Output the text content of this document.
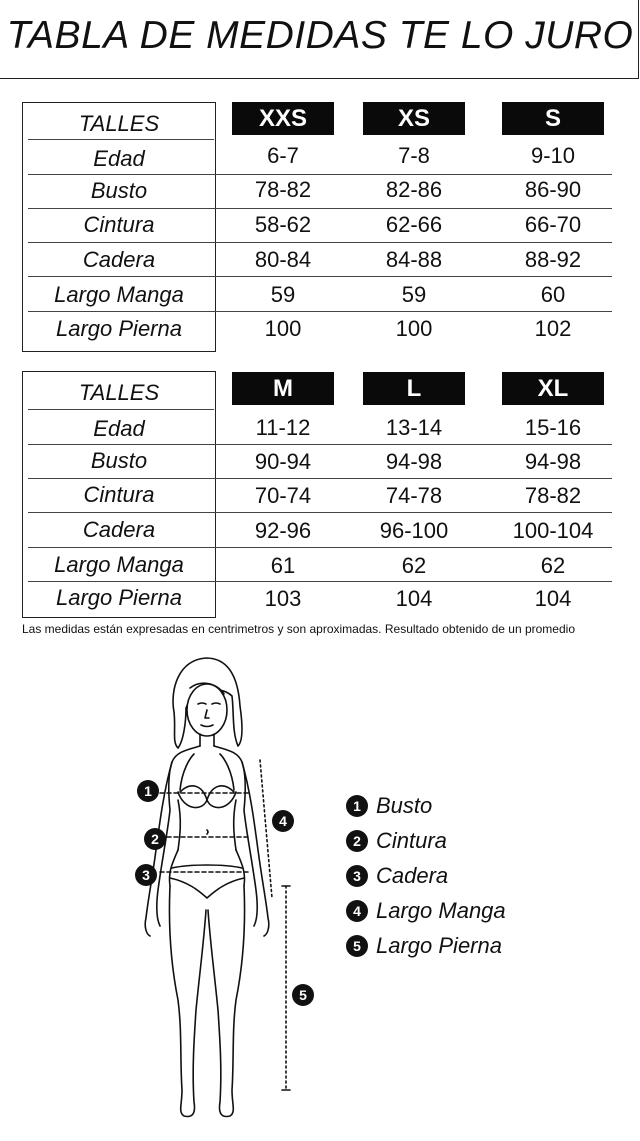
TABLA DE MEDIDAS TE LO JURO
TALLES	XXS	XS	S
Edad	6-7	7-8	9-10
Busto	78-82	82-86	86-90
Cintura	58-62	62-66	66-70
Cadera	80-84	84-88	88-92
Largo Manga	59	59	60
Largo Pierna	100	100	102
TALLES	M	L	XL
Edad	11-12	13-14	15-16
Busto	90-94	94-98	94-98
Cintura	70-74	74-78	78-82
Cadera	92-96	96-100	100-104
Largo Manga	61	62	62
Largo Pierna	103	104	104
Las medidas están expresadas en centrimetros y son aproximadas. Resultado obtenido de un promedio
1
2
3
4
5
1 Busto
2 Cintura
3 Cadera
4 Largo Manga
5 Largo Pierna
